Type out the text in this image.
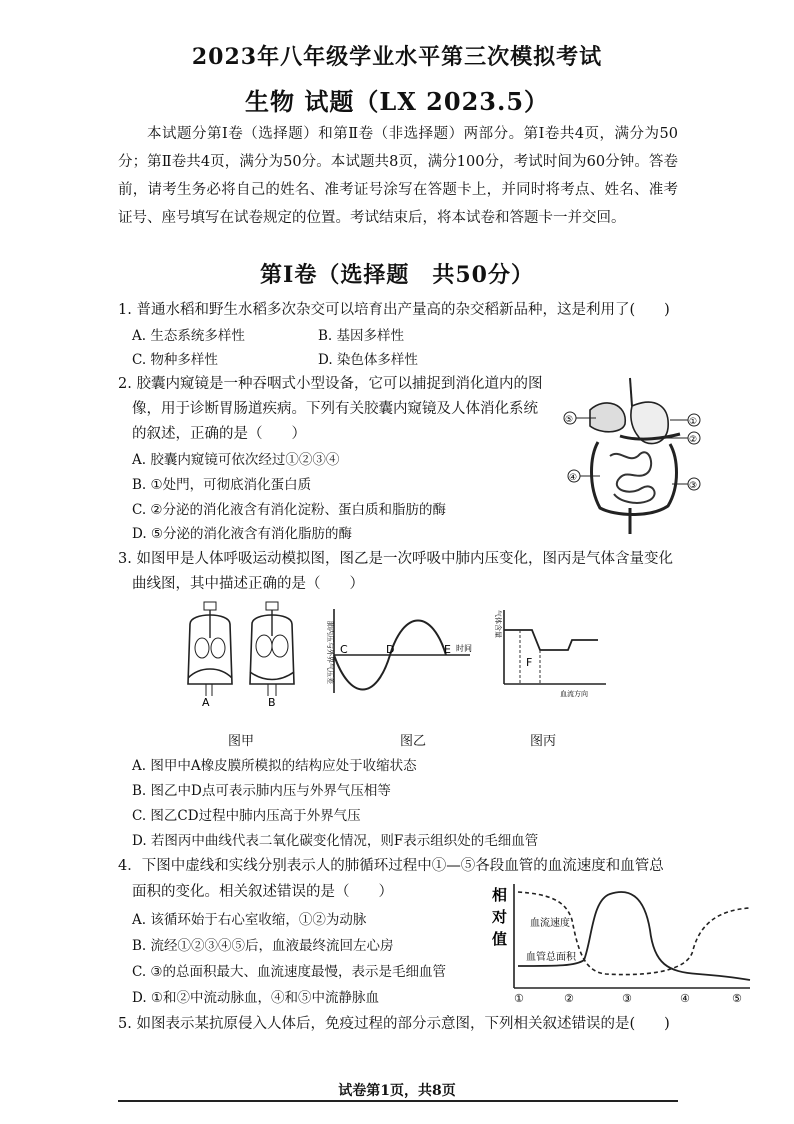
2023年八年级学业水平第三次模拟考试
生物 试题（LX 2023.5）
本试题分第Ⅰ卷（选择题）和第Ⅱ卷（非选择题）两部分。第Ⅰ卷共4页，满分为50分；第Ⅱ卷共4页，满分为50分。本试题共8页，满分100分，考试时间为60分钟。答卷前，请考生务必将自己的姓名、准考证号涂写在答题卡上，并同时将考点、姓名、准考证号、座号填写在试卷规定的位置。考试结束后，将本试卷和答题卡一并交回。
第Ⅰ卷（选择题　共50分）
1. 普通水稻和野生水稻多次杂交可以培育出产量高的杂交稻新品种，这是利用了(　　)
A. 生态系统多样性	B. 基因多样性
C. 物种多样性	D. 染色体多样性
2. 胶囊内窥镜是一种吞咽式小型设备，它可以捕捉到消化道内的图
像，用于诊断胃肠道疾病。下列有关胶囊内窥镜及人体消化系统
的叙述，正确的是（　　）
A. 胶囊内窥镜可依次经过①②③④
B. ①处門，可彻底消化蛋白质
C. ②分泌的消化液含有消化淀粉、蛋白质和脂肪的酶
D. ⑤分泌的消化液含有消化脂肪的酶
⑤	①
②
④
③
3. 如图甲是人体呼吸运动模拟图，图乙是一次呼吸中肺内压变化，图丙是气体含量变化
曲线图，其中描述正确的是（　　）
A	B
肺内压与外界气压差	时间
C	D	E
F
气体含量
血流方向
图甲	图乙	图丙
A. 图甲中A橡皮膜所模拟的结构应处于收缩状态
B. 图乙中D点可表示肺内压与外界气压相等
C. 图乙CD过程中肺内压高于外界气压
D. 若图丙中曲线代表二氧化碳变化情况，则F表示组织处的毛细血管
4．下图中虚线和实线分别表示人的肺循环过程中①—⑤各段血管的血流速度和血管总
面积的变化。相关叙述错误的是（　　）
A. 该循环始于右心室收缩，①②为动脉
B. 流经①②③④⑤后，血液最终流回左心房
C. ③的总面积最大、血流速度最慢，表示是毛细血管
D. ①和②中流动脉血，④和⑤中流静脉血
相
对
值
血流速度
血管总面积
①	②	③	④	⑤
5. 如图表示某抗原侵入人体后，免疫过程的部分示意图，下列相关叙述错误的是(　　)
试卷第1页，共8页
